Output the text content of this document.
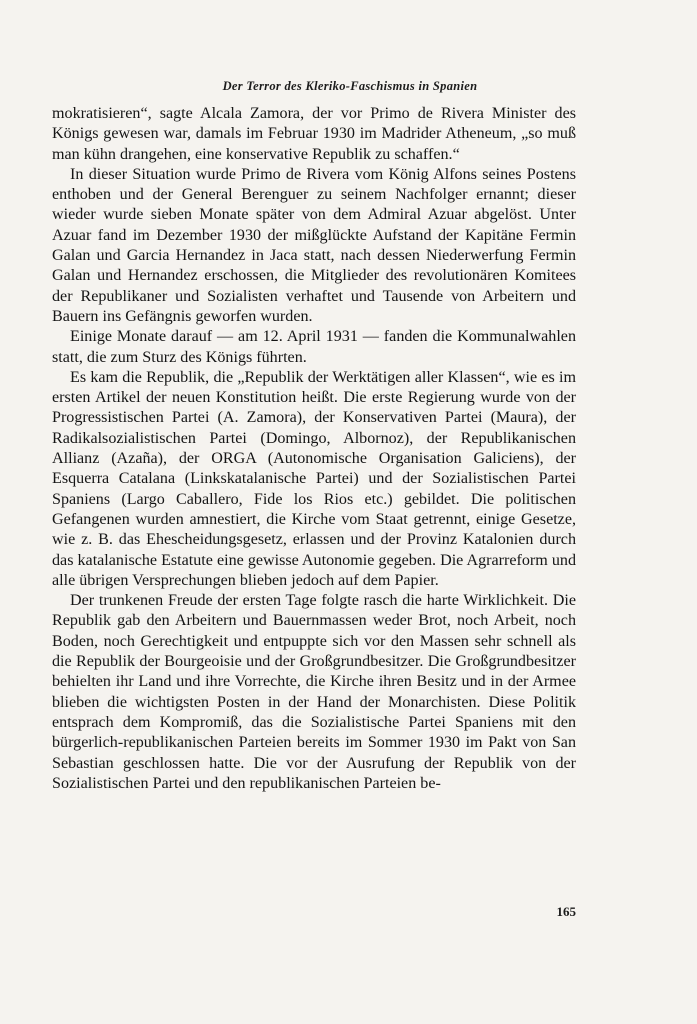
Der Terror des Kleriko-Faschismus in Spanien

mokratisieren“, sagte Alcala Zamora, der vor Primo de Rivera Minister des Königs gewesen war, damals im Februar 1930 im Madrider Atheneum, „so muß man kühn drangehen, eine konservative Republik zu schaffen.“

In dieser Situation wurde Primo de Rivera vom König Alfons seines Postens enthoben und der General Berenguer zu seinem Nachfolger ernannt; dieser wieder wurde sieben Monate später von dem Admiral Azuar abgelöst. Unter Azuar fand im Dezember 1930 der mißglückte Aufstand der Kapitäne Fermin Galan und Garcia Hernandez in Jaca statt, nach dessen Niederwerfung Fermin Galan und Hernandez erschossen, die Mitglieder des revolutionären Komitees der Republikaner und Sozialisten verhaftet und Tausende von Arbeitern und Bauern ins Gefängnis geworfen wurden.

Einige Monate darauf — am 12. April 1931 — fanden die Kommunalwahlen statt, die zum Sturz des Königs führten.

Es kam die Republik, die „Republik der Werktätigen aller Klassen“, wie es im ersten Artikel der neuen Konstitution heißt. Die erste Regierung wurde von der Progressistischen Partei (A. Zamora), der Konservativen Partei (Maura), der Radikalsozialistischen Partei (Domingo, Albornoz), der Republikanischen Allianz (Azaña), der ORGA (Autonomische Organisation Galiciens), der Esquerra Catalana (Linkskatalanische Partei) und der Sozialistischen Partei Spaniens (Largo Caballero, Fide los Rios etc.) gebildet. Die politischen Gefangenen wurden amnestiert, die Kirche vom Staat getrennt, einige Gesetze, wie z. B. das Ehescheidungsgesetz, erlassen und der Provinz Katalonien durch das katalanische Estatute eine gewisse Autonomie gegeben. Die Agrarreform und alle übrigen Versprechungen blieben jedoch auf dem Papier.

Der trunkenen Freude der ersten Tage folgte rasch die harte Wirklichkeit. Die Republik gab den Arbeitern und Bauernmassen weder Brot, noch Arbeit, noch Boden, noch Gerechtigkeit und entpuppte sich vor den Massen sehr schnell als die Republik der Bourgeoisie und der Großgrundbesitzer. Die Großgrundbesitzer behielten ihr Land und ihre Vorrechte, die Kirche ihren Besitz und in der Armee blieben die wichtigsten Posten in der Hand der Monarchisten. Diese Politik entsprach dem Kompromiß, das die Sozialistische Partei Spaniens mit den bürgerlich-republikanischen Parteien bereits im Sommer 1930 im Pakt von San Sebastian geschlossen hatte. Die vor der Ausrufung der Republik von der Sozialistischen Partei und den republikanischen Parteien be-

165
